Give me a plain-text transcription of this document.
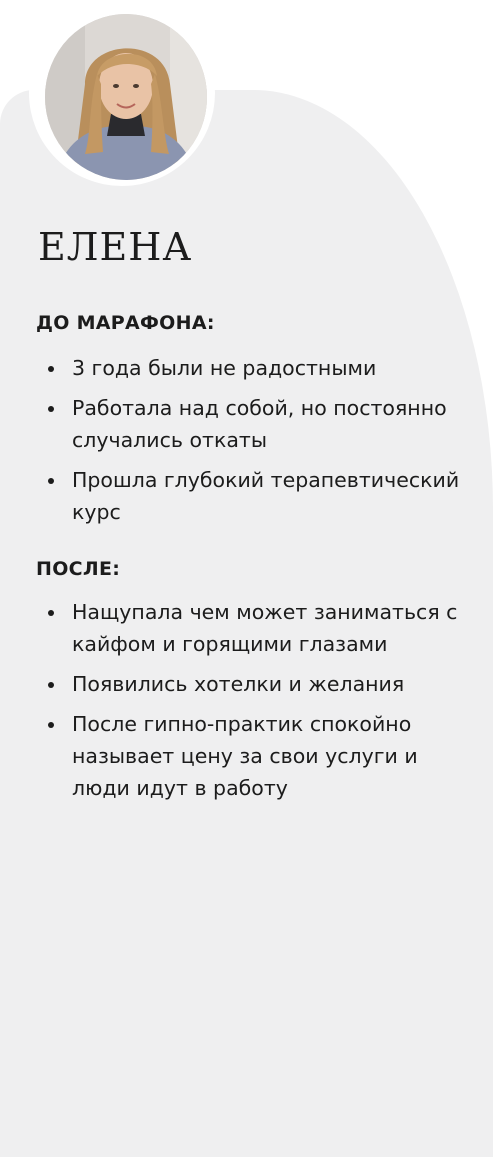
ЕЛЕНА
ДО МАРАФОНА:
3 года были не радостными
Работала над собой, но постоянно случались откаты
Прошла глубокий терапевтический курс
ПОСЛЕ:
Нащупала чем может заниматься с кайфом и горящими глазами
Появились хотелки и желания
После гипно-практик спокойно называет цену за свои услуги и люди идут в работу
